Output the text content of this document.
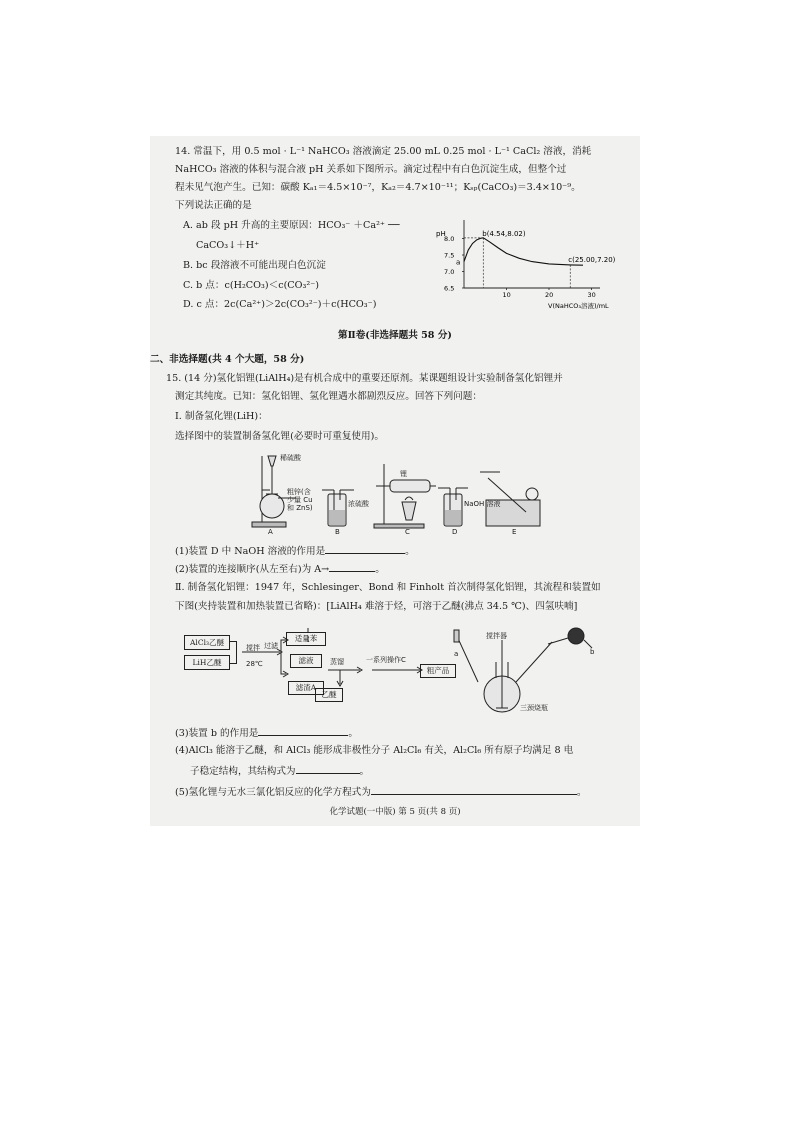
14. 常温下，用 0.5 mol · L⁻¹ NaHCO₃ 溶液滴定 25.00 mL 0.25 mol · L⁻¹ CaCl₂ 溶液，消耗
NaHCO₃ 溶液的体积与混合液 pH 关系如下图所示。滴定过程中有白色沉淀生成，但整个过
程未见气泡产生。已知：碳酸 Kₐ₁＝4.5×10⁻⁷，Kₐ₂＝4.7×10⁻¹¹；Kₛₚ(CaCO₃)＝3.4×10⁻⁹。
下列说法正确的是
A. ab 段 pH 升高的主要原因：HCO₃⁻ ＋Ca²⁺ ──
CaCO₃↓＋H⁺
B. bc 段溶液不可能出现白色沉淀
C. b 点：c(H₂CO₃)＜c(CO₃²⁻)
D. c 点：2c(Ca²⁺)＞2c(CO₃²⁻)＋c(HCO₃⁻)
pH
6.5
7.0
7.5
8.0
10	20	30
a
b(4.54,8.02)
c(25.00,7.20)
V(NaHCO₃溶液)/mL
第Ⅱ卷(非选择题共 58 分)
二、非选择题(共 4 个大题，58 分)
15. (14 分)氢化铝锂(LiAlH₄)是有机合成中的重要还原剂。某课题组设计实验制备氢化铝锂并
测定其纯度。已知：氢化铝锂、氢化锂遇水都剧烈反应。回答下列问题：
Ⅰ. 制备氢化锂(LiH)：
选择图中的装置制备氢化锂(必要时可重复使用)。
稀硫酸
粗锌(含
少量 Cu
和 ZnS)	浓硫酸
锂
NaOH 溶液
A	B	C	D	E
(1)装置 D 中 NaOH 溶液的作用是	。
(2)装置的连接顺序(从左至右)为 A→	。
Ⅱ. 制备氢化铝锂：1947 年，Schlesinger、Bond 和 Finholt 首次制得氢化铝锂，其流程和装置如
下图(夹持装置和加热装置已省略)：[LiAlH₄ 难溶于烃，可溶于乙醚(沸点 34.5 ℃)、四氢呋喃]
AlCl₃乙醚
LiH乙醚
搅拌
28℃
过滤
滤液
滤渣A
适量苯
蒸馏
乙醚
一系列操作C
粗产品
搅拌器
a	b
三颈烧瓶
(3)装置 b 的作用是	。
(4)AlCl₃ 能溶于乙醚，和 AlCl₃ 能形成非极性分子 Al₂Cl₆ 有关，Al₂Cl₆ 所有原子均满足 8 电
子稳定结构，其结构式为	。
(5)氢化锂与无水三氯化铝反应的化学方程式为	。
化学试题(一中版) 第 5 页(共 8 页)
